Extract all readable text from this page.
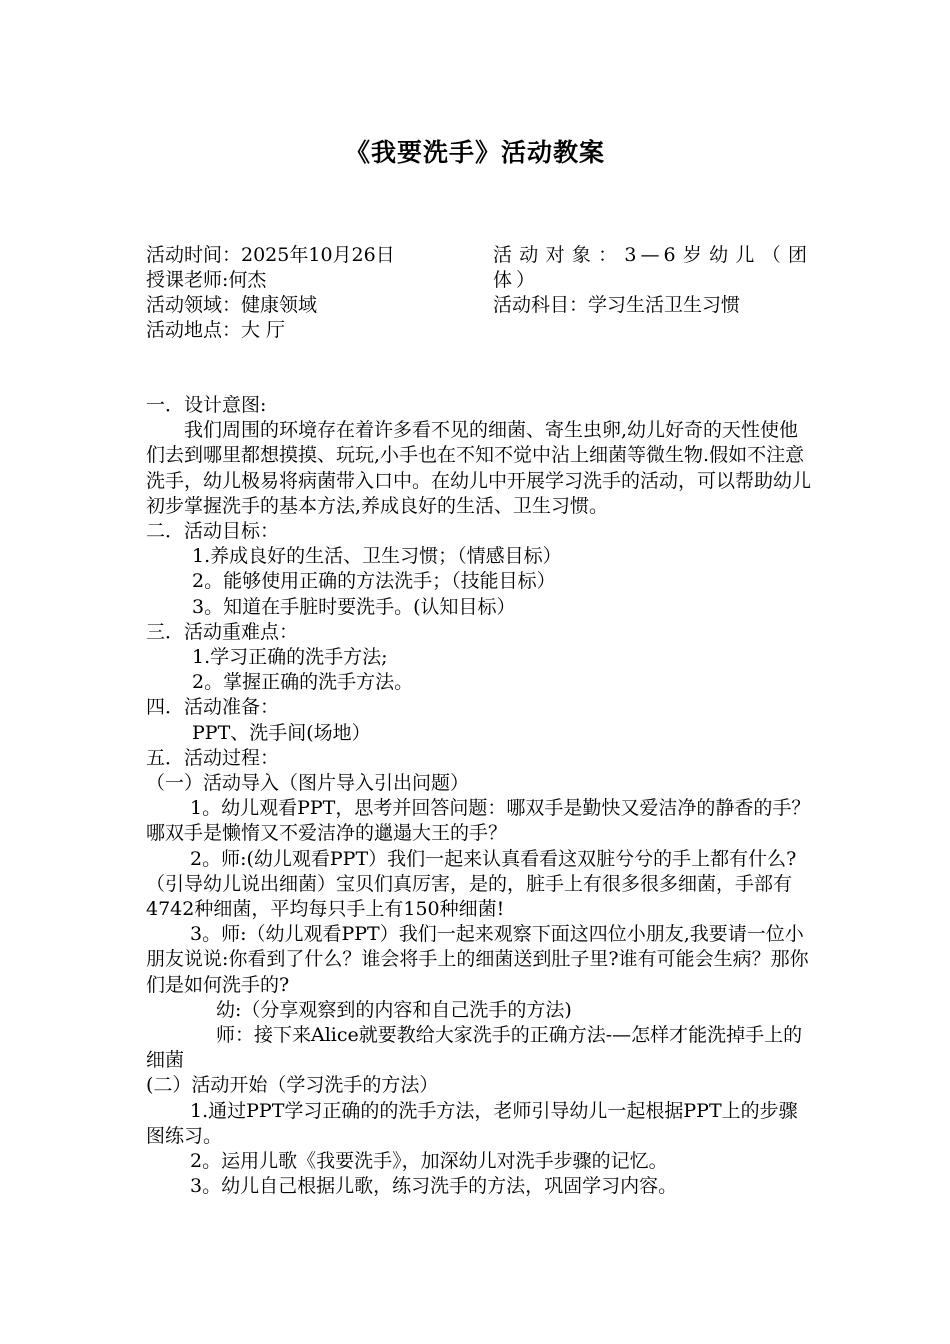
《我要洗手》活动教案
活动时间：2025年10月26日	活动对象：3—6岁幼儿（团体）
授课老师:何杰
活动领域：健康领域	活动科目：学习生活卫生习惯
活动地点：大 厅

一．设计意图:

我们周围的环境存在着许多看不见的细菌、寄生虫卵,幼儿好奇的天性使他们去到哪里都想摸摸、玩玩,小手也在不知不觉中沾上细菌等微生物.假如不注意洗手，幼儿极易将病菌带入口中。在幼儿中开展学习洗手的活动，可以帮助幼儿初步掌握洗手的基本方法,养成良好的生活、卫生习惯。

二．活动目标：

1.养成良好的生活、卫生习惯；（情感目标）

2。能够使用正确的方法洗手；（技能目标）

3。知道在手脏时要洗手。(认知目标）

三．活动重难点：

1.学习正确的洗手方法;

2。掌握正确的洗手方法。

四．活动准备：

PPT、洗手间(场地）

五．活动过程：

（一）活动导入（图片导入引出问题）

1。幼儿观看PPT，思考并回答问题：哪双手是勤快又爱洁净的静香的手？哪双手是懒惰又不爱洁净的邋遢大王的手？

2。师:(幼儿观看PPT）我们一起来认真看看这双脏兮兮的手上都有什么?（引导幼儿说出细菌）宝贝们真厉害，是的，脏手上有很多很多细菌，手部有4742种细菌，平均每只手上有150种细菌!

3。师:（幼儿观看PPT）我们一起来观察下面这四位小朋友,我要请一位小朋友说说:你看到了什么？谁会将手上的细菌送到肚子里?谁有可能会生病？那你们是如何洗手的?

幼:（分享观察到的内容和自己洗手的方法)

师：接下来Alice就要教给大家洗手的正确方法-—怎样才能洗掉手上的细菌

(二）活动开始（学习洗手的方法）

1.通过PPT学习正确的的洗手方法，老师引导幼儿一起根据PPT上的步骤图练习。

2。运用儿歌《我要洗手》，加深幼儿对洗手步骤的记忆。

3。幼儿自己根据儿歌，练习洗手的方法，巩固学习内容。
